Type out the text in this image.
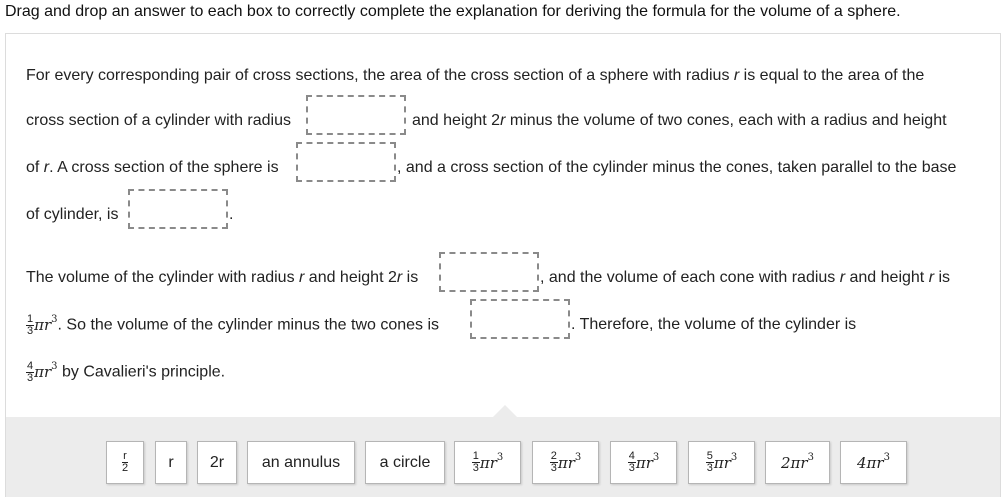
Drag and drop an answer to each box to correctly complete the explanation for deriving the formula for the volume of a sphere.
For every corresponding pair of cross sections, the area of the cross section of a sphere with radius r is equal to the area of the
cross section of a cylinder with radius	and height 2r minus the volume of two cones, each with a radius and height
of r. A cross section of the sphere is	, and a cross section of the cylinder minus the cones, taken parallel to the base
of cylinder, is	.
The volume of the cylinder with radius r and height 2r is	, and the volume of each cone with radius r and height r is
$\frac{1}{3} \pi r^3$. So the volume of the cylinder minus the two cones is	. Therefore, the volume of the cylinder is
$\frac{4}{3} \pi r^3$ by Cavalieri's principle.
$\frac{r}{2}$ r 2r an annulus a circle	$\frac{1}{3} \pi r^3$	$\frac{2}{3} \pi r^3$	$\frac{4}{3} \pi r^3$	$\frac{5}{3} \pi r^3$	$2\pi r^3$	$4\pi r^3$
